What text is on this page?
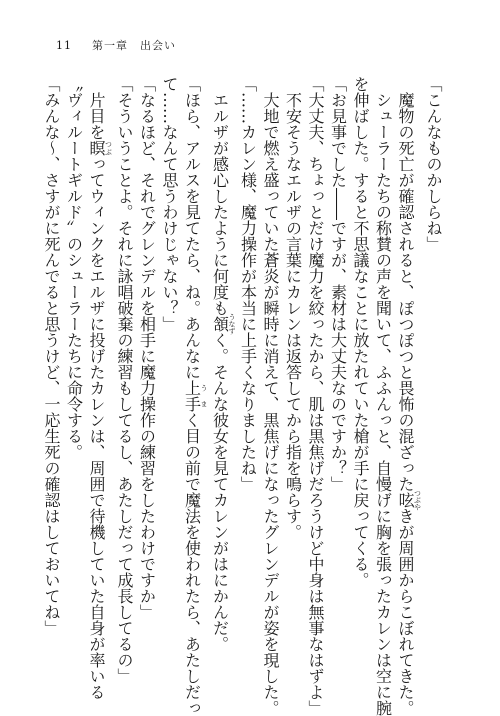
11 第一章　出会い
「こんなものかしらね」
　魔物の死亡が確認されると、ぽつぽつと畏怖の混ざった呟つぶやきが周囲からこぼれてきた。
　シューラーたちの称賛の声を聞いて、ふふんっと、自慢げに胸を張ったカレンは空に腕
を伸ばした。すると不思議なことに放たれていた槍が手に戻ってくる。
「お見事でした――ですが、素材は大丈夫なのですか？」
「大丈夫、ちょっとだけ魔力を絞ったから、肌は黒焦げだろうけど中身は無事なはずよ」
　不安そうなエルザの言葉にカレンは返答してから指を鳴らす。
　大地で燃え盛っていた蒼炎が瞬時に消えて、黒焦げになったグレンデルが姿を現した。
「……カレン様、魔力操作が本当に上手くなりましたね」
　エルザが感心したように何度も頷うなずく。そんな彼女を見てカレンがはにかんだ。
「ほら、アルスを見てたら、ね。あんなに上手うまく目の前で魔法を使われたら、あたしだっ
て……なんて思うわけじゃない？」
「なるほど、それでグレンデルを相手に魔力操作の練習をしたわけですか」
「そういうことよ。それに詠唱破棄の練習もしてるし、あたしだって成長してるの」
　片目を瞑つぶってウィンクをエルザに投げたカレンは、周囲で待機していた自身が率いる
〝ヴィルートギルド〟のシューラーたちに命令する。
「みんな～、さすがに死んでると思うけど、一応生死の確認はしておいてね」
